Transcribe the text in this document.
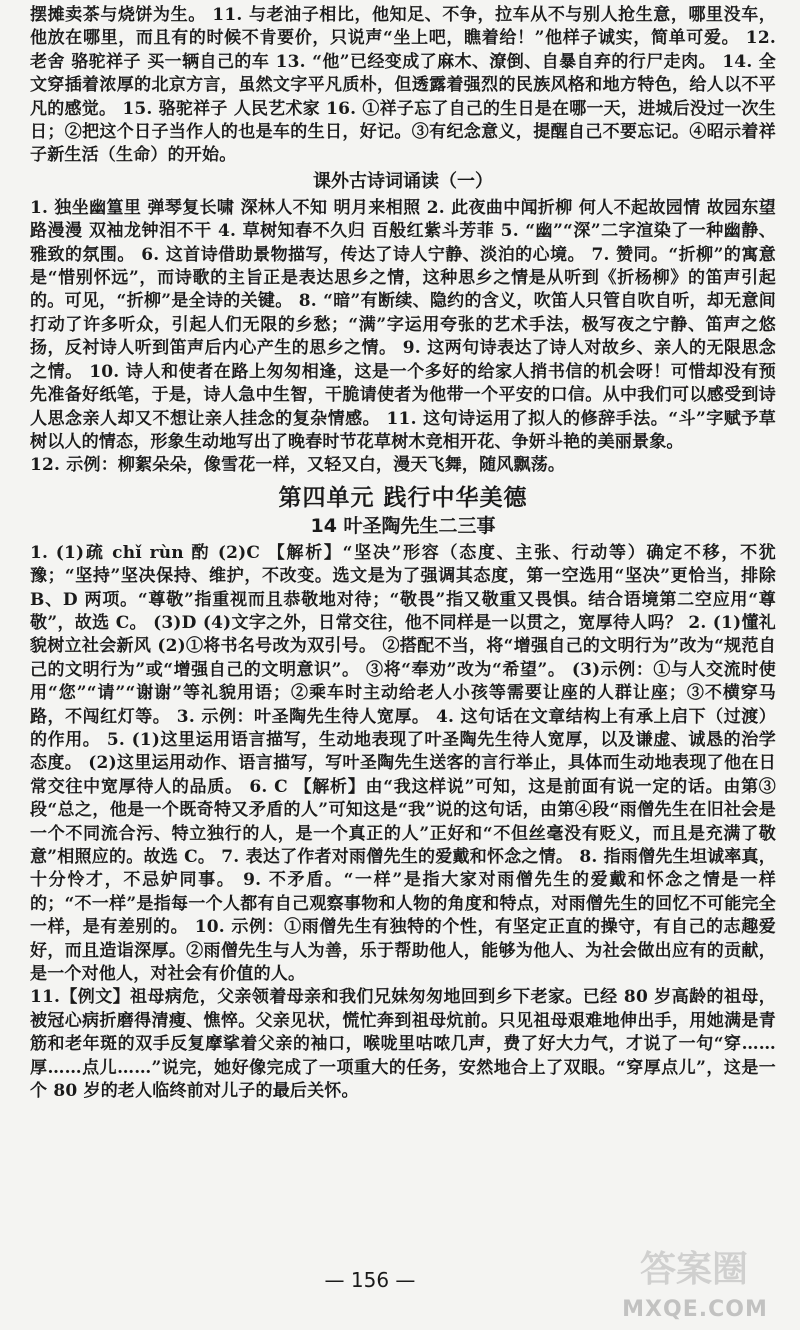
摆摊卖茶与烧饼为生。 11. 与老油子相比，他知足、不争，拉车从不与别人抢生意，哪里没车，他放在哪里，而且有的时候不肯要价，只说声“坐上吧，瞧着给！”他样子诚实，简单可爱。 12. 老舍 骆驼祥子 买一辆自己的车 13. “他”已经变成了麻木、潦倒、自暴自弃的行尸走肉。 14. 全文穿插着浓厚的北京方言，虽然文字平凡质朴，但透露着强烈的民族风格和地方特色，给人以不平凡的感觉。 15. 骆驼祥子 人民艺术家 16. ①祥子忘了自己的生日是在哪一天，进城后没过一次生日；②把这个日子当作人的也是车的生日，好记。③有纪念意义，提醒自己不要忘记。④昭示着祥子新生活（生命）的开始。

课外古诗词诵读（一）

1. 独坐幽篁里 弹琴复长啸 深林人不知 明月来相照 2. 此夜曲中闻折柳 何人不起故园情 故园东望路漫漫 双袖龙钟泪不干 4. 草树知春不久归 百般红紫斗芳菲 5. “幽”“深”二字渲染了一种幽静、雅致的氛围。 6. 这首诗借助景物描写，传达了诗人宁静、淡泊的心境。 7. 赞同。“折柳”的寓意是“惜别怀远”，而诗歌的主旨正是表达思乡之情，这种思乡之情是从听到《折杨柳》的笛声引起的。可见，“折柳”是全诗的关键。 8. “暗”有断续、隐约的含义，吹笛人只管自吹自听，却无意间打动了许多听众，引起人们无限的乡愁；“满”字运用夸张的艺术手法，极写夜之宁静、笛声之悠扬，反衬诗人听到笛声后内心产生的思乡之情。 9. 这两句诗表达了诗人对故乡、亲人的无限思念之情。 10. 诗人和使者在路上匆匆相逢，这是一个多好的给家人捎书信的机会呀！可惜却没有预先准备好纸笔，于是，诗人急中生智，干脆请使者为他带一个平安的口信。从中我们可以感受到诗人思念亲人却又不想让亲人挂念的复杂情感。 11. 这句诗运用了拟人的修辞手法。“斗”字赋予草树以人的情态，形象生动地写出了晚春时节花草树木竞相开花、争妍斗艳的美丽景象。

12. 示例：柳絮朵朵，像雪花一样，又轻又白，漫天飞舞，随风飘荡。

第四单元 践行中华美德
14 叶圣陶先生二三事

1. (1)疏 chǐ rùn 酌 (2)C 【解析】“坚决”形容（态度、主张、行动等）确定不移，不犹豫；“坚持”坚决保持、维护，不改变。选文是为了强调其态度，第一空选用“坚决”更恰当，排除 B、D 两项。“尊敬”指重视而且恭敬地对待；“敬畏”指又敬重又畏惧。结合语境第二空应用“尊敬”，故选 C。 (3)D (4)文字之外，日常交往，他不同样是一以贯之，宽厚待人吗？ 2. (1)懂礼貌树立社会新风 (2)①将书名号改为双引号。 ②搭配不当，将“增强自己的文明行为”改为“规范自己的文明行为”或“增强自己的文明意识”。 ③将“奉劝”改为“希望”。 (3)示例：①与人交流时使用“您”“请”“谢谢”等礼貌用语；②乘车时主动给老人小孩等需要让座的人群让座；③不横穿马路，不闯红灯等。 3. 示例：叶圣陶先生待人宽厚。 4. 这句话在文章结构上有承上启下（过渡）的作用。 5. (1)这里运用语言描写，生动地表现了叶圣陶先生待人宽厚，以及谦虚、诚恳的治学态度。 (2)这里运用动作、语言描写，写叶圣陶先生送客的言行举止，具体而生动地表现了他在日常交往中宽厚待人的品质。 6. C 【解析】由“我这样说”可知，这是前面有说一定的话。由第③段“总之，他是一个既奇特又矛盾的人”可知这是“我”说的这句话，由第④段“雨僧先生在旧社会是一个不同流合污、特立独行的人，是一个真正的人”正好和“不但丝毫没有贬义，而且是充满了敬意”相照应的。故选 C。 7. 表达了作者对雨僧先生的爱戴和怀念之情。 8. 指雨僧先生坦诚率真，十分怜才，不忌妒同事。 9. 不矛盾。“一样”是指大家对雨僧先生的爱戴和怀念之情是一样的；“不一样”是指每一个人都有自己观察事物和人物的角度和特点，对雨僧先生的回忆不可能完全一样，是有差别的。 10. 示例：①雨僧先生有独特的个性，有坚定正直的操守，有自己的志趣爱好，而且造诣深厚。②雨僧先生与人为善，乐于帮助他人，能够为他人、为社会做出应有的贡献，是一个对他人，对社会有价值的人。

11.【例文】祖母病危，父亲领着母亲和我们兄妹匆匆地回到乡下老家。已经 80 岁高龄的祖母，被冠心病折磨得清瘦、憔悴。父亲见状，慌忙奔到祖母炕前。只见祖母艰难地伸出手，用她满是青筋和老年斑的双手反复摩挲着父亲的袖口，喉咙里咕哝几声，费了好大力气，才说了一句“穿……厚……点儿……”说完，她好像完成了一项重大的任务，安然地合上了双眼。“穿厚点儿”，这是一个 80 岁的老人临终前对儿子的最后关怀。

— 156 —	答案圈
MXQE.COM
